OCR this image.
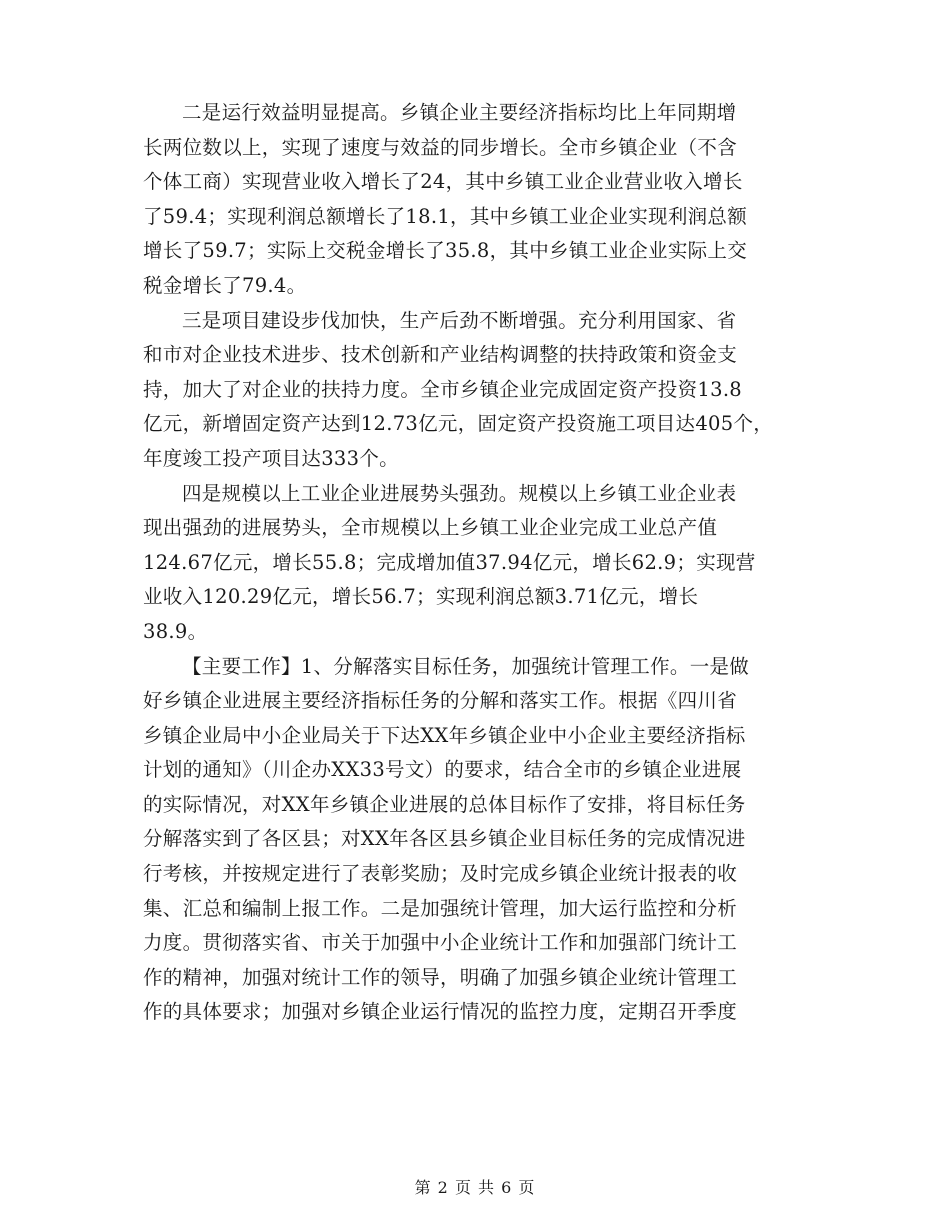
二是运行效益明显提高。乡镇企业主要经济指标均比上年同期增
长两位数以上，实现了速度与效益的同步增长。全市乡镇企业（不含
个体工商）实现营业收入增长了24，其中乡镇工业企业营业收入增长
了59.4；实现利润总额增长了18.1，其中乡镇工业企业实现利润总额
增长了59.7；实际上交税金增长了35.8，其中乡镇工业企业实际上交
税金增长了79.4。
三是项目建设步伐加快，生产后劲不断增强。充分利用国家、省
和市对企业技术进步、技术创新和产业结构调整的扶持政策和资金支
持，加大了对企业的扶持力度。全市乡镇企业完成固定资产投资13.8
亿元，新增固定资产达到12.73亿元，固定资产投资施工项目达405个，
年度竣工投产项目达333个。
四是规模以上工业企业进展势头强劲。规模以上乡镇工业企业表
现出强劲的进展势头，全市规模以上乡镇工业企业完成工业总产值
124.67亿元，增长55.8；完成增加值37.94亿元，增长62.9；实现营
业收入120.29亿元，增长56.7；实现利润总额3.71亿元，增长
38.9。
【主要工作】1、分解落实目标任务，加强统计管理工作。一是做
好乡镇企业进展主要经济指标任务的分解和落实工作。根据《四川省
乡镇企业局中小企业局关于下达XX年乡镇企业中小企业主要经济指标
计划的通知》（川企办XX33号文）的要求，结合全市的乡镇企业进展
的实际情况，对XX年乡镇企业进展的总体目标作了安排，将目标任务
分解落实到了各区县；对XX年各区县乡镇企业目标任务的完成情况进
行考核，并按规定进行了表彰奖励；及时完成乡镇企业统计报表的收
集、汇总和编制上报工作。二是加强统计管理，加大运行监控和分析
力度。贯彻落实省、市关于加强中小企业统计工作和加强部门统计工
作的精神，加强对统计工作的领导，明确了加强乡镇企业统计管理工
作的具体要求；加强对乡镇企业运行情况的监控力度，定期召开季度
第 2 页 共 6 页
